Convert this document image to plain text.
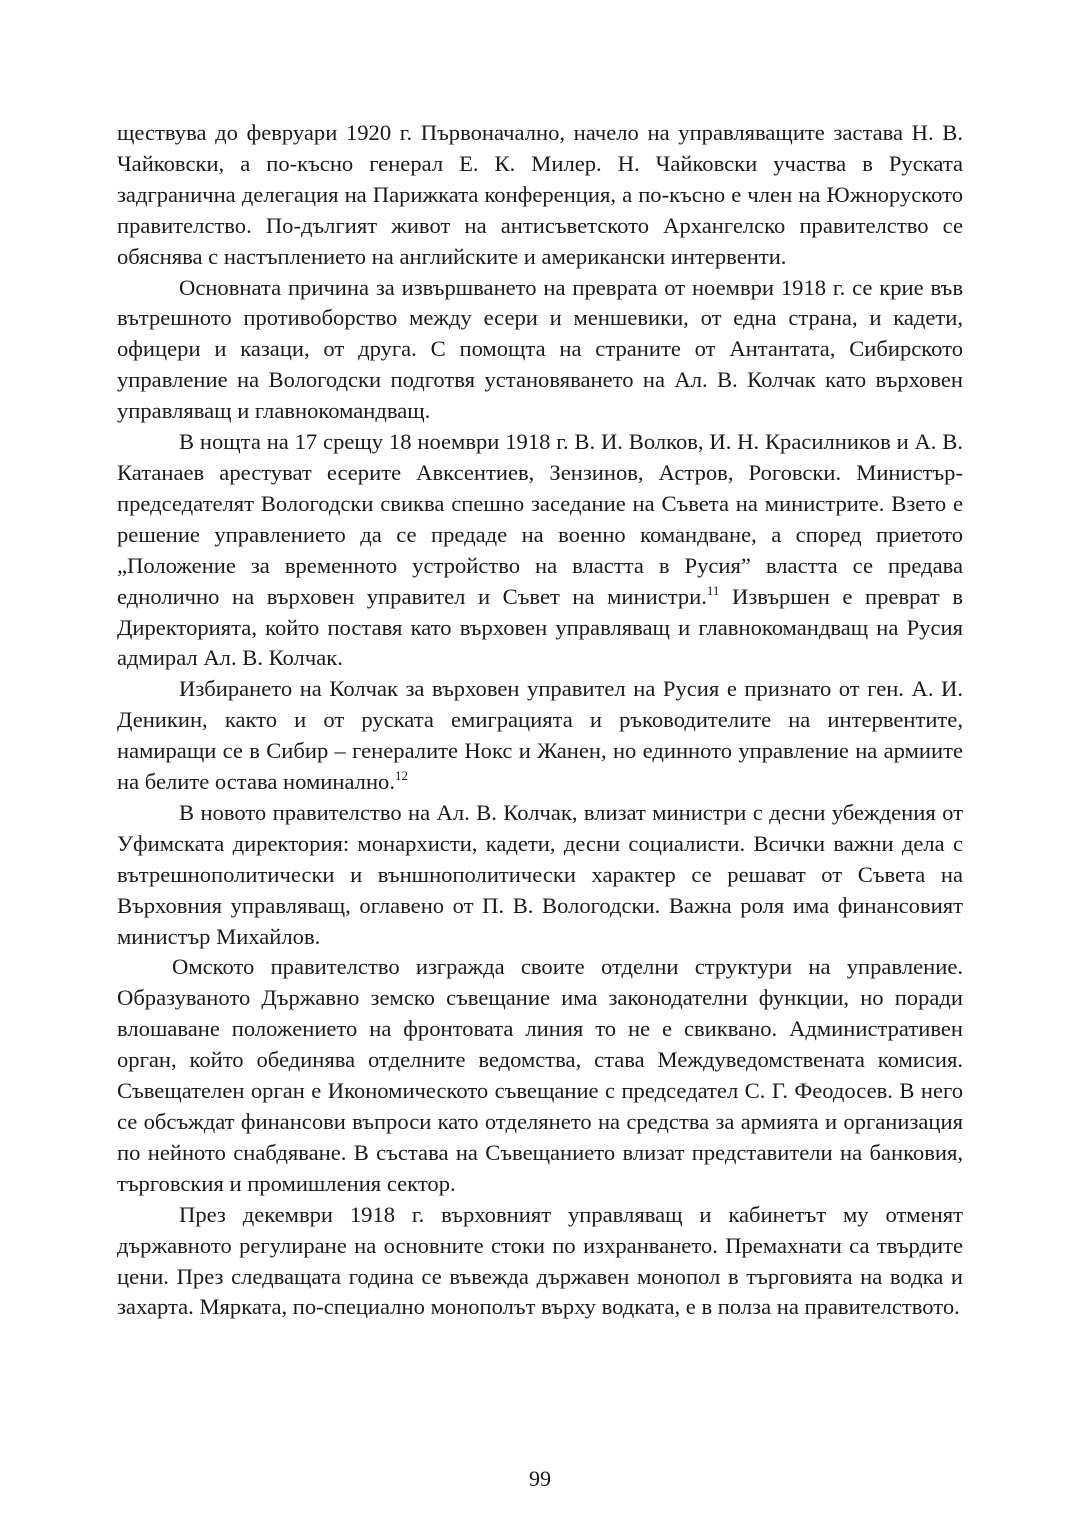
ществува до февруари 1920 г. Първоначално, начело на управляващите застава Н. В. Чайковски, а по-късно генерал Е. К. Милер. Н. Чайковски участва в Руската задгранична делегация на Парижката конференция, а по-късно е член на Южноруското правителство. По-дългият живот на антисъветското Архангелско правителство се обяснява с настъплението на английските и американски интервенти.

Основната причина за извършването на преврата от ноември 1918 г. се крие във вътрешното противоборство между есери и меншевики, от една страна, и кадети, офицери и казаци, от друга. С помощта на страните от Антантата, Сибирското управление на Вологодски подготвя установяването на Ал. В. Колчак като върховен управляващ и главнокомандващ.

В нощта на 17 срещу 18 ноември 1918 г. В. И. Волков, И. Н. Красилников и А. В. Катанаев арестуват есерите Авксентиев, Зензинов, Астров, Роговски. Министър-председателят Вологодски свиква спешно заседание на Съвета на министрите. Взето е решение управлението да се предаде на военно командване, а според приетото „Положение за временното устройство на властта в Русия” властта се предава еднолично на върховен управител и Съвет на министри.$^{11}$ Извършен е преврат в Директорията, който поставя като върховен управляващ и главнокомандващ на Русия адмирал Ал. В. Колчак.

Избирането на Колчак за върховен управител на Русия е признато от ген. А. И. Деникин, както и от руската емиграцията и ръководителите на интервентите, намиращи се в Сибир – генералите Нокс и Жанен, но единното управление на армиите на белите остава номинално.$^{12}$

В новото правителство на Ал. В. Колчак, влизат министри с десни убеждения от Уфимската директория: монархисти, кадети, десни социалисти. Всички важни дела с вътрешнополитически и външнополитически характер се решават от Съвета на Върховния управляващ, оглавено от П. В. Вологодски. Важна роля има финансовият министър Михайлов.

Омското правителство изгражда своите отделни структури на управление. Образуваното Държавно земско съвещание има законодателни функции, но поради влошаване положението на фронтовата линия то не е свиквано. Административен орган, който обединява отделните ведомства, става Междуведомствената комисия. Съвещателен орган е Икономическото съвещание с председател С. Г. Феодосев. В него се обсъждат финансови въпроси като отделянето на средства за армията и организация по нейното снабдяване. В състава на Съвещанието влизат представители на банковия, търговския и промишления сектор.

През декември 1918 г. върховният управляващ и кабинетът му отменят държавното регулиране на основните стоки по изхранването. Премахнати са твърдите цени. През следващата година се въвежда държавен монопол в търговията на водка и захарта. Мярката, по-специално монополът върху водката, е в полза на правителството.

99
